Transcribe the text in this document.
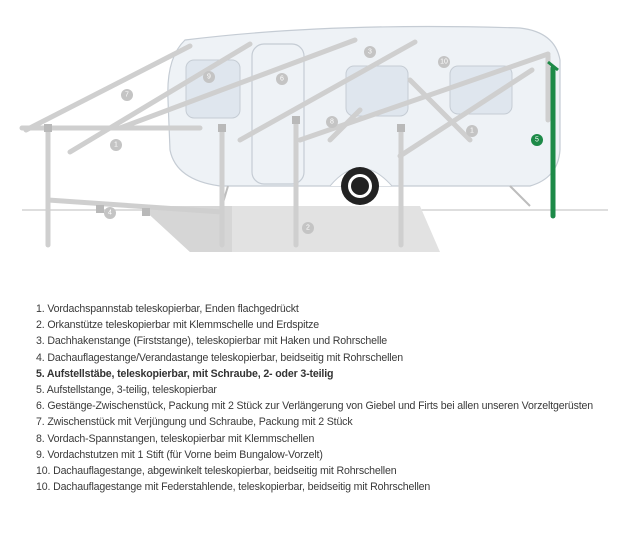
1
2
3
4
5
6
7
8
9
10
1
1. Vordachspannstab teleskopierbar, Enden flachgedrückt
2. Orkanstütze teleskopierbar mit Klemmschelle und Erdspitze
3. Dachhakenstange (Firststange), teleskopierbar mit Haken und Rohrschelle
4. Dachauflagestange/Verandastange teleskopierbar, beidseitig mit Rohrschellen
5. Aufstellstäbe, teleskopierbar, mit Schraube, 2- oder 3-teilig
5. Aufstellstange, 3-teilig, teleskopierbar
6. Gestänge-Zwischenstück, Packung mit 2 Stück zur Verlängerung von Giebel und Firts bei allen unseren Vorzeltgerüsten
7. Zwischenstück mit Verjüngung und Schraube, Packung mit 2 Stück
8. Vordach-Spannstangen, teleskopierbar mit Klemmschellen
9. Vordachstutzen mit 1 Stift (für Vorne beim Bungalow-Vorzelt)
10. Dachauflagestange, abgewinkelt teleskopierbar, beidseitig mit Rohrschellen
10. Dachauflagestange mit Federstahlende, teleskopierbar, beidseitig mit Rohrschellen
